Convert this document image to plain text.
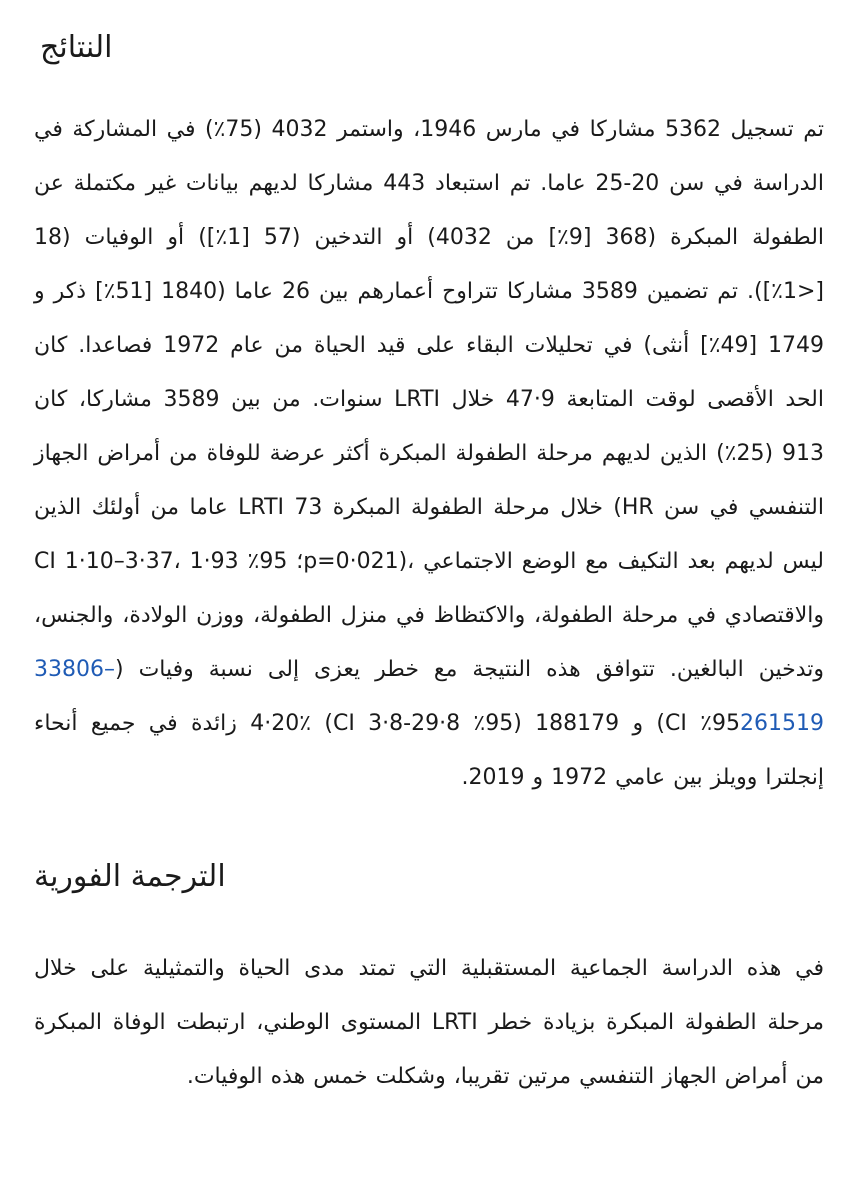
النتائج

تم تسجيل 5362 مشاركا في مارس 1946، واستمر 4032 (75٪) في المشاركة في الدراسة في سن 20-25 عاما. تم استبعاد 443 مشاركا لديهم بيانات غير مكتملة عن الطفولة المبكرة (368 [9٪] من 4032) أو التدخين (57 [1٪]) أو الوفيات (18 [<1٪]). تم تضمين 3589 مشاركا تتراوح أعمارهم بين 26 عاما (1840 [51٪] ذكر و 1749 [49٪] أنثى) في تحليلات البقاء على قيد الحياة من عام 1972 فصاعدا. كان الحد الأقصى لوقت المتابعة 9·47 خلال LRTI سنوات. من بين 3589 مشاركا، كان 913 (25٪) الذين لديهم مرحلة الطفولة المبكرة أكثر عرضة للوفاة من أمراض الجهاز التنفسي في سن HR) خلال مرحلة الطفولة المبكرة LRTI 73 عاما من أولئك الذين ليس لديهم بعد التكيف مع الوضع الاجتماعي ،(p=0·021؛ 95٪ CI 1·10–3·37، 1·93 والاقتصادي في مرحلة الطفولة، والاكتظاظ في منزل الطفولة، ووزن الولادة، والجنس، وتدخين البالغين. تتوافق هذه النتيجة مع خطر يعزى إلى نسبة وفيات (33806–26151995٪ CI) و 188179 (95٪ CI 3·8-29·8) 4·20٪ زائدة في جميع أنحاء إنجلترا وويلز بين عامي 1972 و 2019.

الترجمة الفورية

في هذه الدراسة الجماعية المستقبلية التي تمتد مدى الحياة والتمثيلية على خلال مرحلة الطفولة المبكرة بزيادة خطر LRTI المستوى الوطني، ارتبطت الوفاة المبكرة من أمراض الجهاز التنفسي مرتين تقريبا، وشكلت خمس هذه الوفيات.
